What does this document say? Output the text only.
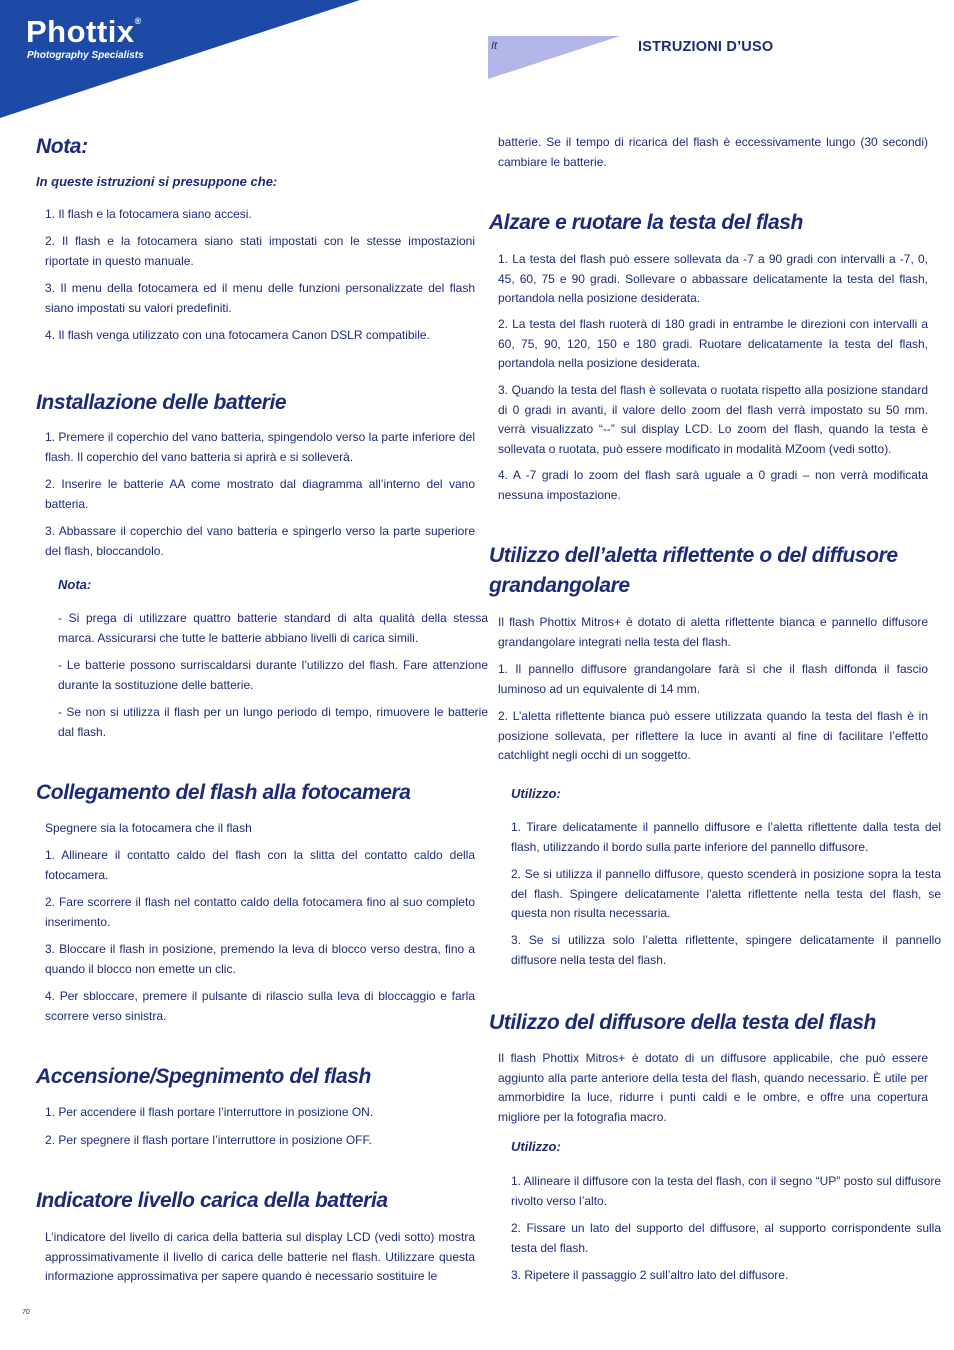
Phottix®
Photography Specialists
It	ISTRUZIONI D’USO
Nota:
In queste istruzioni si presuppone che:

1. Il flash e la fotocamera siano accesi.

2. Il flash e la fotocamera siano stati impostati con le stesse impostazioni riportate in questo manuale.

3. Il menu della fotocamera ed il menu delle funzioni personalizzate del flash siano impostati su valori predefiniti.

4. Il flash venga utilizzato con una fotocamera Canon DSLR compatibile.

Installazione delle batterie

1. Premere il coperchio del vano batteria, spingendolo verso la parte inferiore del flash. Il coperchio del vano batteria si aprirà e si solleverà.

2. Inserire le batterie AA come mostrato dal diagramma all’interno del vano batteria.

3. Abbassare il coperchio del vano batteria e spingerlo verso la parte superiore del flash, bloccandolo.

Nota:

- Si prega di utilizzare quattro batterie standard di alta qualità della stessa marca. Assicurarsi che tutte le batterie abbiano livelli di carica simili.

- Le batterie possono surriscaldarsi durante l’utilizzo del flash. Fare attenzione durante la sostituzione delle batterie.

- Se non si utilizza il flash per un lungo periodo di tempo, rimuovere le batterie dal flash.

Collegamento del flash alla fotocamera

Spegnere sia la fotocamera che il flash

1. Allineare il contatto caldo del flash con la slitta del contatto caldo della fotocamera.

2. Fare scorrere il flash nel contatto caldo della fotocamera fino al suo completo inserimento.

3. Bloccare il flash in posizione, premendo la leva di blocco verso destra, fino a quando il blocco non emette un clic.

4. Per sbloccare, premere il pulsante di rilascio sulla leva di bloccaggio e farla scorrere verso sinistra.

Accensione/Spegnimento del flash

1. Per accendere il flash portare l’interruttore in posizione ON.

2. Per spegnere il flash portare l’interruttore in posizione OFF.

Indicatore livello carica della batteria

L’indicatore del livello di carica della batteria sul display LCD (vedi sotto) mostra approssimativamente il livello di carica delle batterie nel flash. Utilizzare questa informazione approssimativa per sapere quando è necessario sostituire le

batterie. Se il tempo di ricarica del flash è eccessivamente lungo (30 secondi) cambiare le batterie.

Alzare e ruotare la testa del flash

1. La testa del flash può essere sollevata da -7 a 90 gradi con intervalli a -7, 0, 45, 60, 75 e 90 gradi. Sollevare o abbassare delicatamente la testa del flash, portandola nella posizione desiderata.

2. La testa del flash ruoterà di 180 gradi in entrambe le direzioni con intervalli a 60, 75, 90, 120, 150 e 180 gradi. Ruotare delicatamente la testa del flash, portandola nella posizione desiderata.

3. Quando la testa del flash è sollevata o ruotata rispetto alla posizione standard di 0 gradi in avanti, il valore dello zoom del flash verrà impostato su 50 mm. verrà visualizzato “--” sul display LCD. Lo zoom del flash, quando la testa è sollevata o ruotata, può essere modificato in modalità MZoom (vedi sotto).

4. A -7 gradi lo zoom del flash sarà uguale a 0 gradi – non verrà modificata nessuna impostazione.

Utilizzo dell’aletta riflettente o del diffusore grandangolare

Il flash Phottix Mitros+ è dotato di aletta riflettente bianca e pannello diffusore grandangolare integrati nella testa del flash.

1. Il pannello diffusore grandangolare farà sì che il flash diffonda il fascio luminoso ad un equivalente di 14 mm.

2. L’aletta riflettente bianca può essere utilizzata quando la testa del flash è in posizione sollevata, per riflettere la luce in avanti al fine di facilitare l’effetto catchlight negli occhi di un soggetto.

Utilizzo:

1. Tirare delicatamente il pannello diffusore e l’aletta riflettente dalla testa del flash, utilizzando il bordo sulla parte inferiore del pannello diffusore.

2. Se si utilizza il pannello diffusore, questo scenderà in posizione sopra la testa del flash. Spingere delicatamente l’aletta riflettente nella testa del flash, se questa non risulta necessaria.

3. Se si utilizza solo l’aletta riflettente, spingere delicatamente il pannello diffusore nella testa del flash.

Utilizzo del diffusore della testa del flash

Il flash Phottix Mitros+ è dotato di un diffusore applicabile, che può essere aggiunto alla parte anteriore della testa del flash, quando necessario. È utile per ammorbidire la luce, ridurre i punti caldi e le ombre, e offre una copertura migliore per la fotografia macro.

Utilizzo:

1. Allineare il diffusore con la testa del flash, con il segno “UP” posto sul diffusore rivolto verso l’alto.

2. Fissare un lato del supporto del diffusore, al supporto corrispondente sulla testa del flash.

3. Ripetere il passaggio 2 sull’altro lato del diffusore.

70
